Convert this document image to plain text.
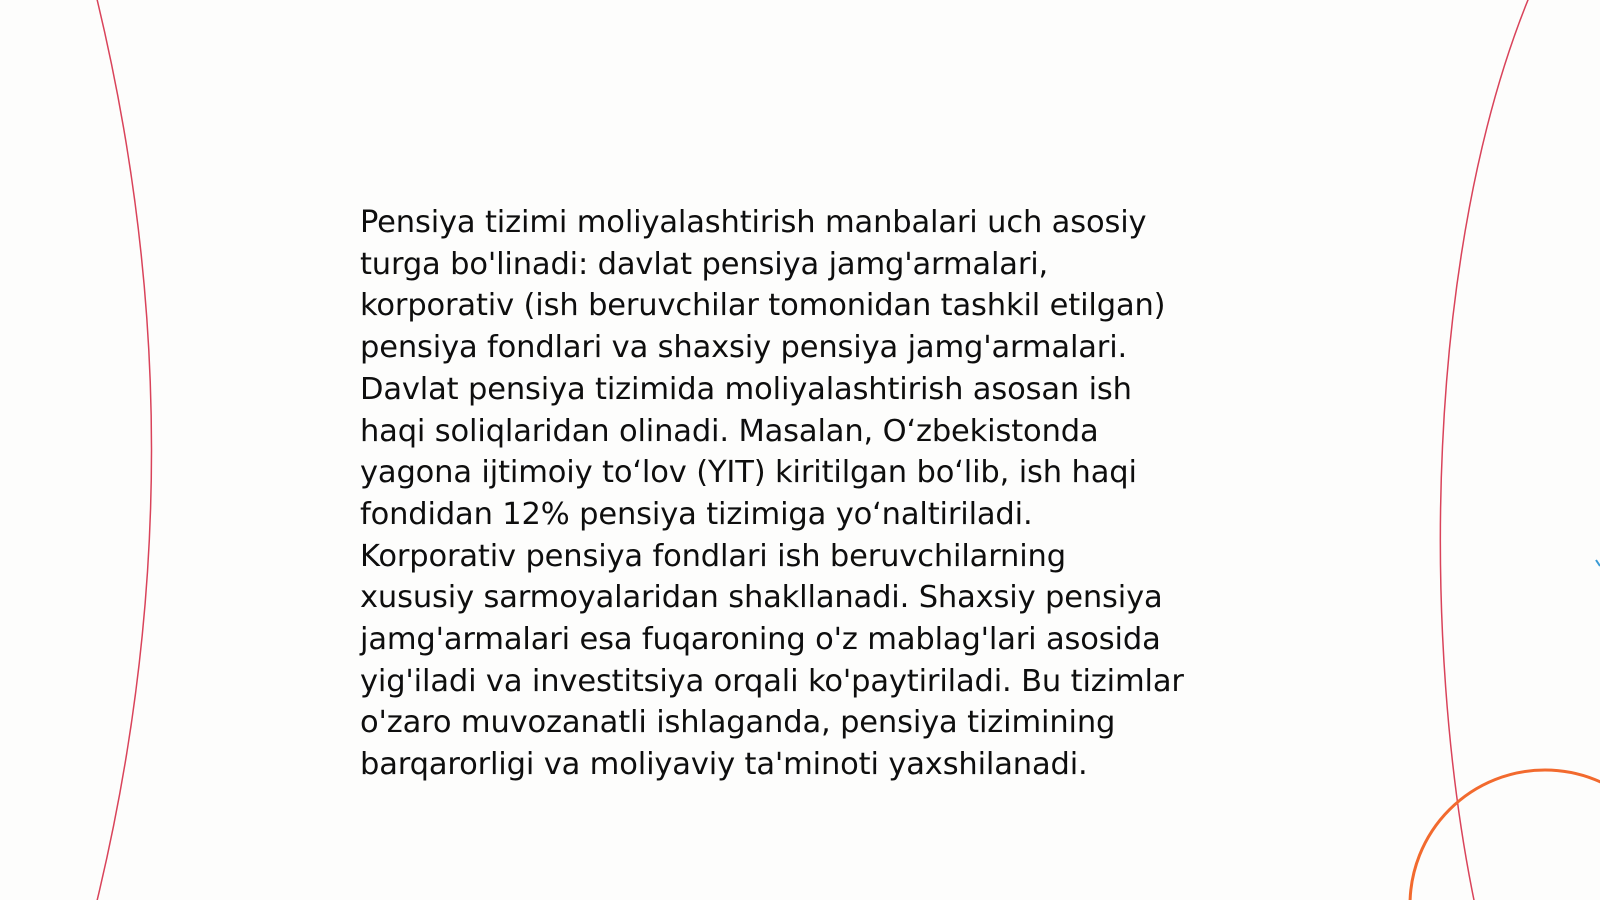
Pensiya tizimi moliyalashtirish manbalari uch asosiy
turga bo'linadi: davlat pensiya jamg'armalari,
korporativ (ish beruvchilar tomonidan tashkil etilgan)
pensiya fondlari va shaxsiy pensiya jamg'armalari.
Davlat pensiya tizimida moliyalashtirish asosan ish
haqi soliqlaridan olinadi. Masalan, O‘zbekistonda
yagona ijtimoiy to‘lov (YIT) kiritilgan bo‘lib, ish haqi
fondidan 12% pensiya tizimiga yo‘naltiriladi.
Korporativ pensiya fondlari ish beruvchilarning
xususiy sarmoyalaridan shakllanadi. Shaxsiy pensiya
jamg'armalari esa fuqaroning o'z mablag'lari asosida
yig'iladi va investitsiya orqali ko'paytiriladi. Bu tizimlar
o'zaro muvozanatli ishlaganda, pensiya tizimining
barqarorligi va moliyaviy ta'minoti yaxshilanadi.
